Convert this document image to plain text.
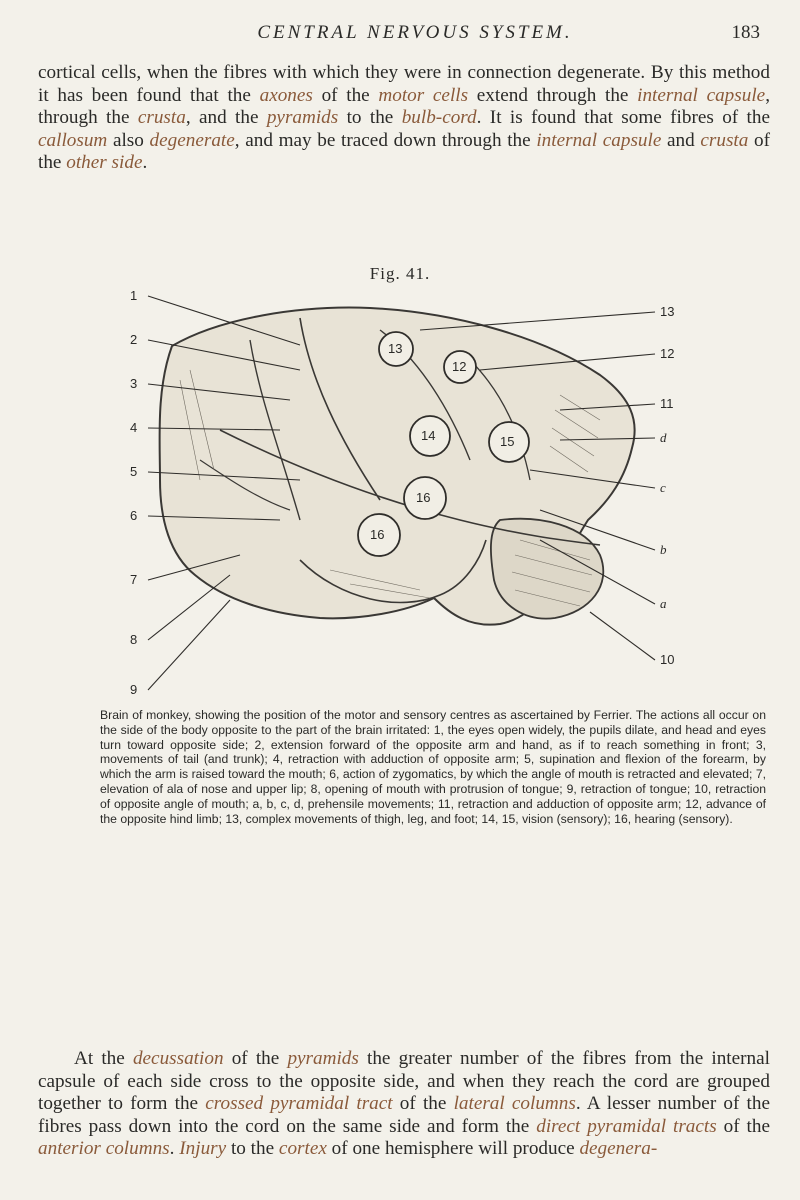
CENTRAL NERVOUS SYSTEM.	183
cortical cells, when the fibres with which they were in connection degenerate. By this method it has been found that the axones of the motor cells extend through the internal capsule, through the crusta, and the pyramids to the bulb-cord. It is found that some fibres of the callosum also degenerate, and may be traced down through the internal capsule and crusta of the other side.
Fig. 41.
13
12
14	15
16
16
1
2
3
4
5
6
7
8
9
13
12
11
d
c
b
a
10
Brain of monkey, showing the position of the motor and sensory centres as ascertained by Ferrier. The actions all occur on the side of the body opposite to the part of the brain irritated: 1, the eyes open widely, the pupils dilate, and head and eyes turn toward opposite side; 2, extension forward of the opposite arm and hand, as if to reach something in front; 3, movements of tail (and trunk); 4, retraction with adduction of opposite arm; 5, supination and flexion of the forearm, by which the arm is raised toward the mouth; 6, action of zygomatics, by which the angle of mouth is retracted and elevated; 7, elevation of ala of nose and upper lip; 8, opening of mouth with protrusion of tongue; 9, retraction of tongue; 10, retraction of opposite angle of mouth; a, b, c, d, prehensile movements; 11, retraction and adduction of opposite arm; 12, advance of the opposite hind limb; 13, complex movements of thigh, leg, and foot; 14, 15, vision (sensory); 16, hearing (sensory).
At the decussation of the pyramids the greater number of the fibres from the internal capsule of each side cross to the opposite side, and when they reach the cord are grouped together to form the crossed pyramidal tract of the lateral columns. A lesser number of the fibres pass down into the cord on the same side and form the direct pyramidal tracts of the anterior columns. Injury to the cortex of one hemisphere will produce degenera-
